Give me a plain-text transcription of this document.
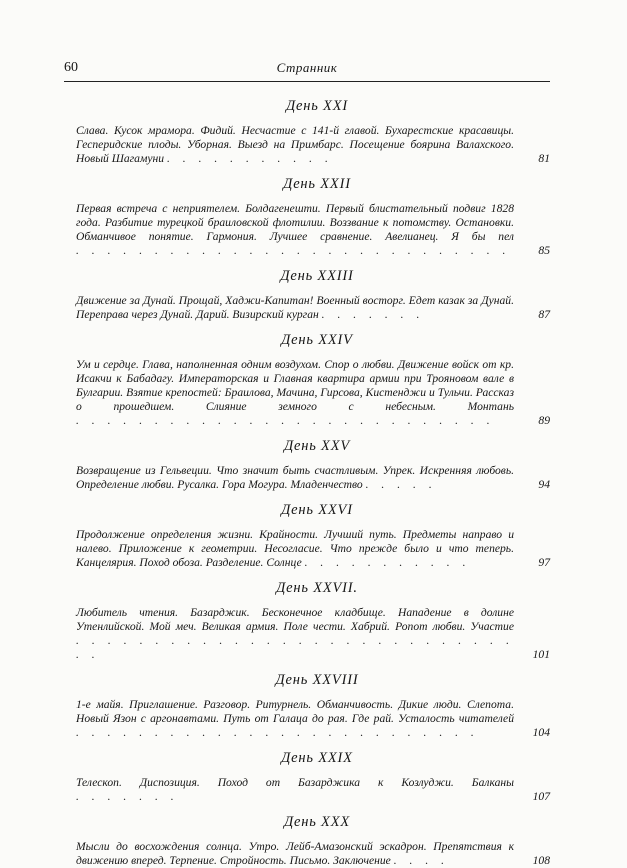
60	Странник
День XXI
Слава. Кусок мрамора. Фидий. Несчастие с 141-й главой. Бухарестские красавицы. Гесперидские плоды. Уборная. Выезд на Примбарс. Посещение боярина Валахского. Новый Шагамуни . . . . . . . . . . .	81
День XXII
Первая встреча с неприятелем. Болдагенешти. Первый блистательный подвиг 1828 года. Разбитие турецкой браиловской флотилии. Воззвание к потомству. Остановки. Обманчивое понятие. Гармония. Лучшее сравнение. Авелианец. Я бы пел . . . . . . . . . . . . . . . . . . . . . . . . . . . .	85
День XXIII
Движение за Дунай. Прощай, Хаджи-Капитан! Военный восторг. Едет казак за Дунай. Переправа через Дунай. Дарий. Визирский курган . . . . . . .	87
День XXIV
Ум и сердце. Глава, наполненная одним воздухом. Спор о любви. Движение войск от кр. Исакчи к Бабадагу. Императорская и Главная квартира армии при Трояновом вале в Булгарии. Взятие крепостей: Браилова, Мачина, Гирсова, Кистенджи и Тульчи. Рассказ о прошедшем. Слияние земного с небесным. Монтань . . . . . . . . . . . . . . . . . . . . . . . . . . .	89
День XXV
Возвращение из Гельвеции. Что значит быть счастливым. Упрек. Искренняя любовь. Определение любви. Русалка. Гора Могура. Младенчество . . . . .	94
День XXVI
Продолжение определения жизни. Крайности. Лучший путь. Предметы направо и налево. Приложение к геометрии. Несогласие. Что прежде было и что теперь. Канцелярия. Поход обоза. Разделение. Солнце . . . . . . . . . . .	97
День XXVII.
Любитель чтения. Базарджик. Бесконечное кладбище. Нападение в долине Утенлийской. Мой меч. Великая армия. Поле чести. Хабрий. Ропот любви. Участие . . . . . . . . . . . . . . . . . . . . . . . . . . . . . .	101
День XXVIII
1-е майя. Приглашение. Разговор. Ритурнель. Обманчивость. Дикие люди. Слепота. Новый Язон с аргонавтами. Путь от Галаца до рая. Где рай. Усталость читателей . . . . . . . . . . . . . . . . . . . . . . . . . .	104
День XXIX
Телескоп. Диспозиция. Поход от Базарджика к Козлуджи. Балканы . . . . . . .	107
День XXX
Мысли до восхождения солнца. Утро. Лейб-Амазонский эскадрон. Препятствия к движению вперед. Терпение. Стройность. Письмо. Заключение . . . .	108
